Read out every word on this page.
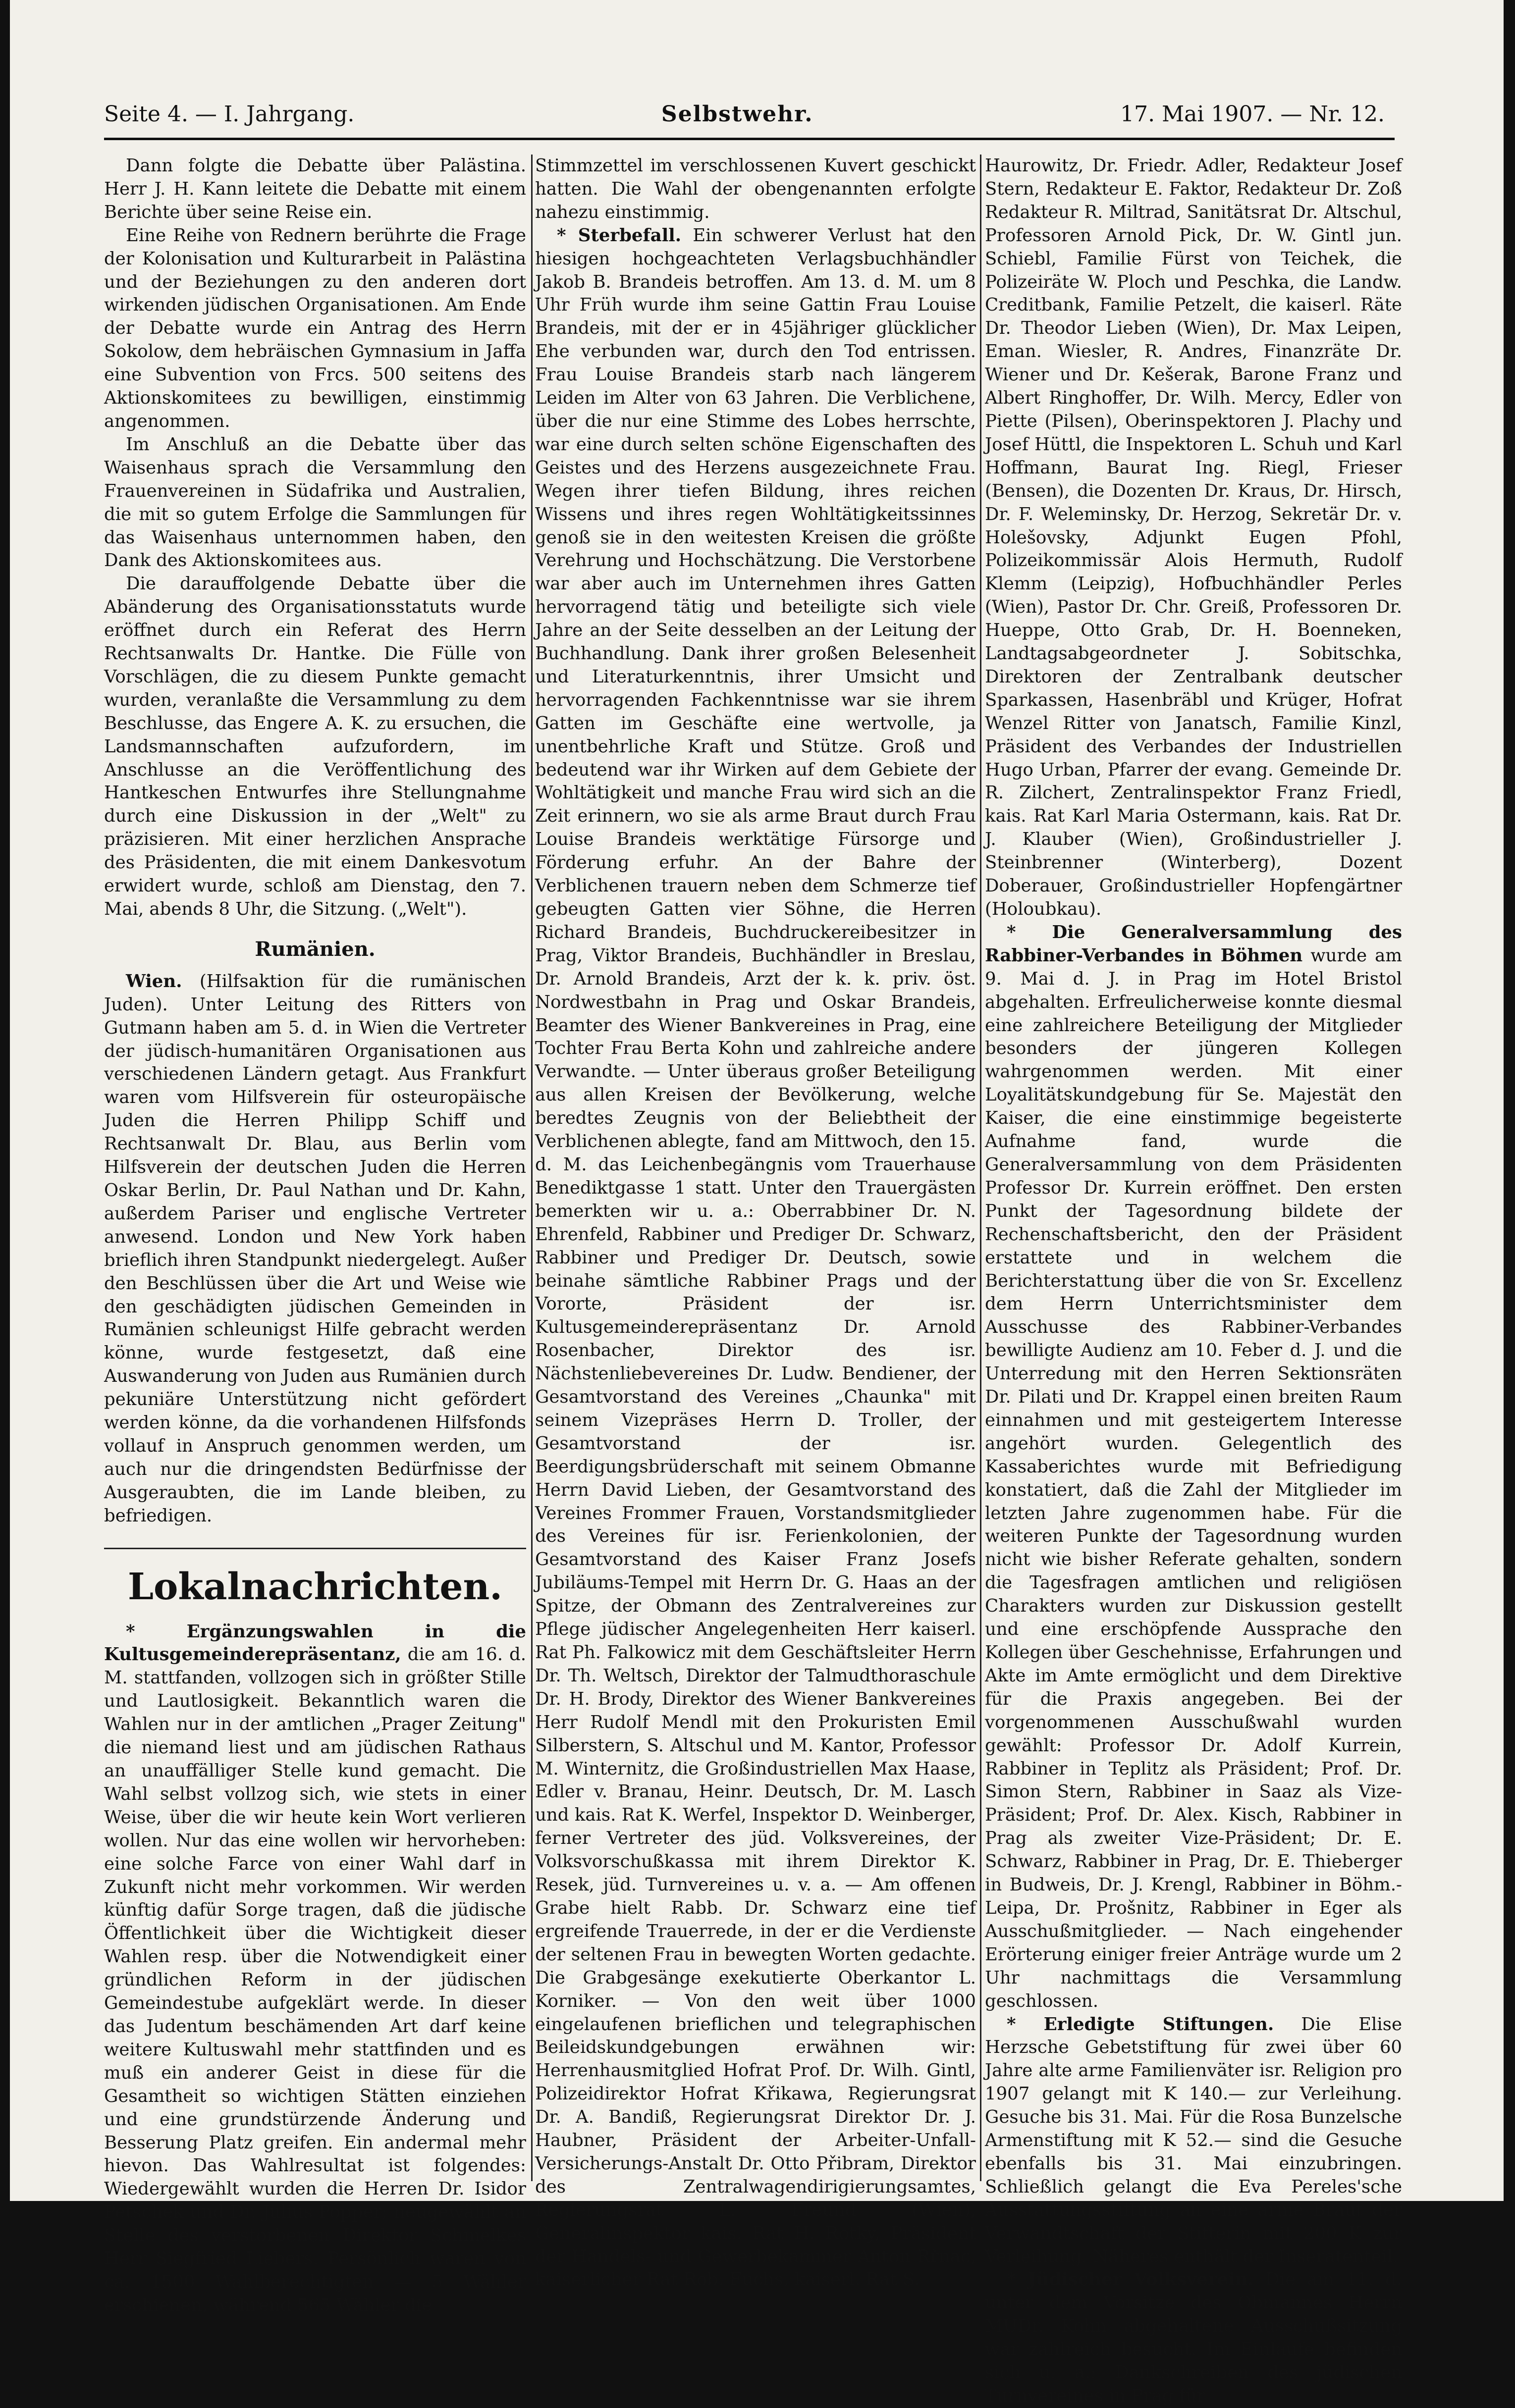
Seite 4. — I. Jahrgang.	Selbstwehr.	17. Mai 1907. — Nr. 12.

Dann folgte die Debatte über Palästina. Herr J. H. Kann leitete die Debatte mit einem Berichte über seine Reise ein.

Eine Reihe von Rednern berührte die Frage der Kolonisation und Kulturarbeit in Palästina und der Beziehungen zu den anderen dort wirkenden jüdischen Organisationen. Am Ende der Debatte wurde ein Antrag des Herrn Sokolow, dem hebräischen Gymnasium in Jaffa eine Subvention von Frcs. 500 seitens des Aktionskomitees zu bewilligen, einstimmig angenommen.

Im Anschluß an die Debatte über das Waisenhaus sprach die Versammlung den Frauenvereinen in Südafrika und Australien, die mit so gutem Erfolge die Sammlungen für das Waisenhaus unternommen haben, den Dank des Aktionskomitees aus.

Die darauffolgende Debatte über die Abänderung des Organisationsstatuts wurde eröffnet durch ein Referat des Herrn Rechtsanwalts Dr. Hantke. Die Fülle von Vorschlägen, die zu diesem Punkte gemacht wurden, veranlaßte die Versammlung zu dem Beschlusse, das Engere A. K. zu ersuchen, die Landsmannschaften aufzufordern, im Anschlusse an die Veröffentlichung des Hantkeschen Entwurfes ihre Stellungnahme durch eine Diskussion in der „Welt" zu präzisieren. Mit einer herzlichen Ansprache des Präsidenten, die mit einem Dankesvotum erwidert wurde, schloß am Dienstag, den 7. Mai, abends 8 Uhr, die Sitzung. („Welt").

Rumänien.

Wien. (Hilfsaktion für die rumänischen Juden). Unter Leitung des Ritters von Gutmann haben am 5. d. in Wien die Vertreter der jüdisch-humanitären Organisationen aus verschiedenen Ländern getagt. Aus Frankfurt waren vom Hilfsverein für osteuropäische Juden die Herren Philipp Schiff und Rechtsanwalt Dr. Blau, aus Berlin vom Hilfsverein der deutschen Juden die Herren Oskar Berlin, Dr. Paul Nathan und Dr. Kahn, außerdem Pariser und englische Vertreter anwesend. London und New York haben brieflich ihren Standpunkt niedergelegt. Außer den Beschlüssen über die Art und Weise wie den geschädigten jüdischen Gemeinden in Rumänien schleunigst Hilfe gebracht werden könne, wurde festgesetzt, daß eine Auswanderung von Juden aus Rumänien durch pekuniäre Unterstützung nicht gefördert werden könne, da die vorhandenen Hilfsfonds vollauf in Anspruch genommen werden, um auch nur die dringendsten Bedürfnisse der Ausgeraubten, die im Lande bleiben, zu befriedigen.

Lokalnachrichten.

* Ergänzungswahlen in die Kultusgemeinderepräsentanz, die am 16. d. M. stattfanden, vollzogen sich in größter Stille und Lautlosigkeit. Bekanntlich waren die Wahlen nur in der amtlichen „Prager Zeitung" die niemand liest und am jüdischen Rathaus an unauffälliger Stelle kund gemacht. Die Wahl selbst vollzog sich, wie stets in einer Weise, über die wir heute kein Wort verlieren wollen. Nur das eine wollen wir hervorheben: eine solche Farce von einer Wahl darf in Zukunft nicht mehr vorkommen. Wir werden künftig dafür Sorge tragen, daß die jüdische Öffentlichkeit über die Wichtigkeit dieser Wahlen resp. über die Notwendigkeit einer gründlichen Reform in der jüdischen Gemeindestube aufgeklärt werde. In dieser das Judentum beschämenden Art darf keine weitere Kultuswahl mehr stattfinden und es muß ein anderer Geist in diese für die Gesamtheit so wichtigen Stätten einziehen und eine grundstürzende Änderung und Besserung Platz greifen. Ein andermal mehr hievon. Das Wahlresultat ist folgendes: Wiedergewählt wurden die Herren Dr. Isidor Petschek und Dr. Julius Popper; neugewählt an Stelle des verstorbenen Direktor Schmelkes Herr Siegfried Liebers. Persönlich waren von ca. 1500 Wahlberechtigten — 5 Wähler erschienen, während 565 Wähler die

Stimmzettel im verschlossenen Kuvert geschickt hatten. Die Wahl der obengenannten erfolgte nahezu einstimmig.

* Sterbefall. Ein schwerer Verlust hat den hiesigen hochgeachteten Verlagsbuchhändler Jakob B. Brandeis betroffen. Am 13. d. M. um 8 Uhr Früh wurde ihm seine Gattin Frau Louise Brandeis, mit der er in 45jähriger glücklicher Ehe verbunden war, durch den Tod entrissen. Frau Louise Brandeis starb nach längerem Leiden im Alter von 63 Jahren. Die Verblichene, über die nur eine Stimme des Lobes herrschte, war eine durch selten schöne Eigenschaften des Geistes und des Herzens ausgezeichnete Frau. Wegen ihrer tiefen Bildung, ihres reichen Wissens und ihres regen Wohltätigkeitssinnes genoß sie in den weitesten Kreisen die größte Verehrung und Hochschätzung. Die Verstorbene war aber auch im Unternehmen ihres Gatten hervorragend tätig und beteiligte sich viele Jahre an der Seite desselben an der Leitung der Buchhandlung. Dank ihrer großen Belesenheit und Literaturkenntnis, ihrer Umsicht und hervorragenden Fachkenntnisse war sie ihrem Gatten im Geschäfte eine wertvolle, ja unentbehrliche Kraft und Stütze. Groß und bedeutend war ihr Wirken auf dem Gebiete der Wohltätigkeit und manche Frau wird sich an die Zeit erinnern, wo sie als arme Braut durch Frau Louise Brandeis werktätige Fürsorge und Förderung erfuhr. An der Bahre der Verblichenen trauern neben dem Schmerze tief gebeugten Gatten vier Söhne, die Herren Richard Brandeis, Buchdruckereibesitzer in Prag, Viktor Brandeis, Buchhändler in Breslau, Dr. Arnold Brandeis, Arzt der k. k. priv. öst. Nordwestbahn in Prag und Oskar Brandeis, Beamter des Wiener Bankvereines in Prag, eine Tochter Frau Berta Kohn und zahlreiche andere Verwandte. — Unter überaus großer Beteiligung aus allen Kreisen der Bevölkerung, welche beredtes Zeugnis von der Beliebtheit der Verblichenen ablegte, fand am Mittwoch, den 15. d. M. das Leichenbegängnis vom Trauerhause Benediktgasse 1 statt. Unter den Trauergästen bemerkten wir u. a.: Oberrabbiner Dr. N. Ehrenfeld, Rabbiner und Prediger Dr. Schwarz, Rabbiner und Prediger Dr. Deutsch, sowie beinahe sämtliche Rabbiner Prags und der Vororte, Präsident der isr. Kultusgemeinderepräsentanz Dr. Arnold Rosenbacher, Direktor des isr. Nächstenliebevereines Dr. Ludw. Bendiener, der Gesamtvorstand des Vereines „Chaunka" mit seinem Vizepräses Herrn D. Troller, der Gesamtvorstand der isr. Beerdigungsbrüderschaft mit seinem Obmanne Herrn David Lieben, der Gesamtvorstand des Vereines Frommer Frauen, Vorstandsmitglieder des Vereines für isr. Ferienkolonien, der Gesamtvorstand des Kaiser Franz Josefs Jubiläums-Tempel mit Herrn Dr. G. Haas an der Spitze, der Obmann des Zentralvereines zur Pflege jüdischer Angelegenheiten Herr kaiserl. Rat Ph. Falkowicz mit dem Geschäftsleiter Herrn Dr. Th. Weltsch, Direktor der Talmudthoraschule Dr. H. Brody, Direktor des Wiener Bankvereines Herr Rudolf Mendl mit den Prokuristen Emil Silberstern, S. Altschul und M. Kantor, Professor M. Winternitz, die Großindustriellen Max Haase, Edler v. Branau, Heinr. Deutsch, Dr. M. Lasch und kais. Rat K. Werfel, Inspektor D. Weinberger, ferner Vertreter des jüd. Volksvereines, der Volksvorschußkassa mit ihrem Direktor K. Resek, jüd. Turnvereines u. v. a. — Am offenen Grabe hielt Rabb. Dr. Schwarz eine tief ergreifende Trauerrede, in der er die Verdienste der seltenen Frau in bewegten Worten gedachte. Die Grabgesänge exekutierte Oberkantor L. Korniker. — Von den weit über 1000 eingelaufenen brieflichen und telegraphischen Beileidskundgebungen erwähnen wir: Herrenhausmitglied Hofrat Prof. Dr. Wilh. Gintl, Polizeidirektor Hofrat Křikawa, Regierungsrat Dr. A. Bandiß, Regierungsrat Direktor Dr. J. Haubner, Präsident der Arbeiter-Unfall-Versicherungs-Anstalt Dr. Otto Přibram, Direktor des Zentralwagendirigierungsamtes, Regierungsrat L. Freund (Wien), Generalinspektor kais. Rat H. Rotky, Präsident der Handels- und Gewerbekammer Anton Rřnac, kaiserlicher Rat Rob. Fuchs, kaiserl. Rat S.

Haurowitz, Dr. Friedr. Adler, Redakteur Josef Stern, Redakteur E. Faktor, Redakteur Dr. Zoß Redakteur R. Miltrad, Sanitätsrat Dr. Altschul, Professoren Arnold Pick, Dr. W. Gintl jun. Schiebl, Familie Fürst von Teichek, die Polizeiräte W. Ploch und Peschka, die Landw. Creditbank, Familie Petzelt, die kaiserl. Räte Dr. Theodor Lieben (Wien), Dr. Max Leipen, Eman. Wiesler, R. Andres, Finanzräte Dr. Wiener und Dr. Kešerak, Barone Franz und Albert Ringhoffer, Dr. Wilh. Mercy, Edler von Piette (Pilsen), Oberinspektoren J. Plachy und Josef Hüttl, die Inspektoren L. Schuh und Karl Hoffmann, Baurat Ing. Riegl, Frieser (Bensen), die Dozenten Dr. Kraus, Dr. Hirsch, Dr. F. Weleminsky, Dr. Herzog, Sekretär Dr. v. Holešovsky, Adjunkt Eugen Pfohl, Polizeikommissär Alois Hermuth, Rudolf Klemm (Leipzig), Hofbuchhändler Perles (Wien), Pastor Dr. Chr. Greiß, Professoren Dr. Hueppe, Otto Grab, Dr. H. Boenneken, Landtagsabgeordneter J. Sobitschka, Direktoren der Zentralbank deutscher Sparkassen, Hasenbräbl und Krüger, Hofrat Wenzel Ritter von Janatsch, Familie Kinzl, Präsident des Verbandes der Industriellen Hugo Urban, Pfarrer der evang. Gemeinde Dr. R. Zilchert, Zentralinspektor Franz Friedl, kais. Rat Karl Maria Ostermann, kais. Rat Dr. J. Klauber (Wien), Großindustrieller J. Steinbrenner (Winterberg), Dozent Doberauer, Großindustrieller Hopfengärtner (Holoubkau).

* Die Generalversammlung des Rabbiner-Verbandes in Böhmen wurde am 9. Mai d. J. in Prag im Hotel Bristol abgehalten. Erfreulicherweise konnte diesmal eine zahlreichere Beteiligung der Mitglieder besonders der jüngeren Kollegen wahrgenommen werden. Mit einer Loyalitätskundgebung für Se. Majestät den Kaiser, die eine einstimmige begeisterte Aufnahme fand, wurde die Generalversammlung von dem Präsidenten Professor Dr. Kurrein eröffnet. Den ersten Punkt der Tagesordnung bildete der Rechenschaftsbericht, den der Präsident erstattete und in welchem die Berichterstattung über die von Sr. Excellenz dem Herrn Unterrichtsminister dem Ausschusse des Rabbiner-Verbandes bewilligte Audienz am 10. Feber d. J. und die Unterredung mit den Herren Sektionsräten Dr. Pilati und Dr. Krappel einen breiten Raum einnahmen und mit gesteigertem Interesse angehört wurden. Gelegentlich des Kassaberichtes wurde mit Befriedigung konstatiert, daß die Zahl der Mitglieder im letzten Jahre zugenommen habe. Für die weiteren Punkte der Tagesordnung wurden nicht wie bisher Referate gehalten, sondern die Tagesfragen amtlichen und religiösen Charakters wurden zur Diskussion gestellt und eine erschöpfende Aussprache den Kollegen über Geschehnisse, Erfahrungen und Akte im Amte ermöglicht und dem Direktive für die Praxis angegeben. Bei der vorgenommenen Ausschußwahl wurden gewählt: Professor Dr. Adolf Kurrein, Rabbiner in Teplitz als Präsident; Prof. Dr. Simon Stern, Rabbiner in Saaz als Vize-Präsident; Prof. Dr. Alex. Kisch, Rabbiner in Prag als zweiter Vize-Präsident; Dr. E. Schwarz, Rabbiner in Prag, Dr. E. Thieberger in Budweis, Dr. J. Krengl, Rabbiner in Böhm.-Leipa, Dr. Prošnitz, Rabbiner in Eger als Ausschußmitglieder. — Nach eingehender Erörterung einiger freier Anträge wurde um 2 Uhr nachmittags die Versammlung geschlossen.

* Erledigte Stiftungen. Die Elise Herzsche Gebetstiftung für zwei über 60 Jahre alte arme Familienväter isr. Religion pro 1907 gelangt mit K 140.— zur Verleihung. Gesuche bis 31. Mai. Für die Rosa Bunzelsche Armenstiftung mit K 52.— sind die Gesuche ebenfalls bis 31. Mai einzubringen. Schließlich gelangt die Eva Pereles'sche Ausstattungsstiftung an eine arme Braut der Verwandtschaft der Stifterin mit 200 K zur Verleihung. Näheres enthält der Inseratenteil.

* Jüdischer Volksverein. Die am 11. d. unter dem Vorsitze des Obmannes Herrn MUDr. Kohn abgehaltene Ausschußsitzung war zahlreich besucht. Im Einlaufe befinden sich u. a.: Dankschreiben des jüdischen Turnvereines in Prag für
